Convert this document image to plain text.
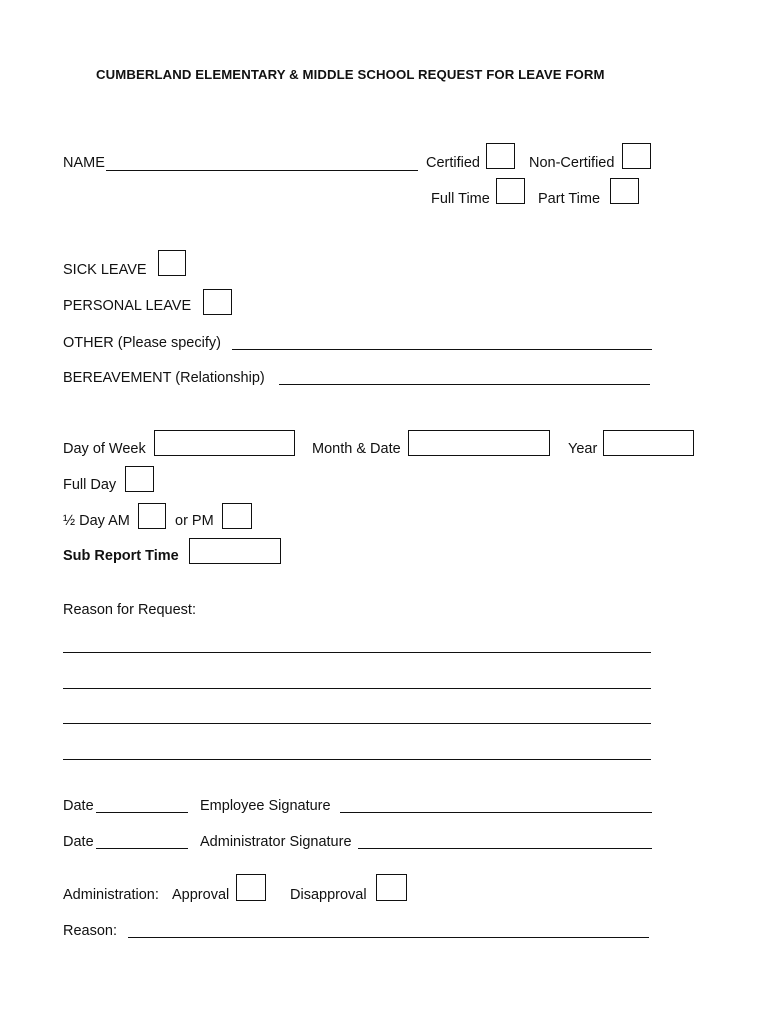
CUMBERLAND ELEMENTARY & MIDDLE SCHOOL REQUEST FOR LEAVE FORM
NAME	Certified	Non-Certified
Full Time	Part Time
SICK LEAVE
PERSONAL LEAVE
OTHER (Please specify)
BEREAVEMENT (Relationship)
Day of Week	Month & Date	Year
Full Day
½ Day AM	or PM
Sub Report Time
Reason for Request:
Date	Employee Signature
Date	Administrator Signature
Administration: Approval	Disapproval
Reason:
